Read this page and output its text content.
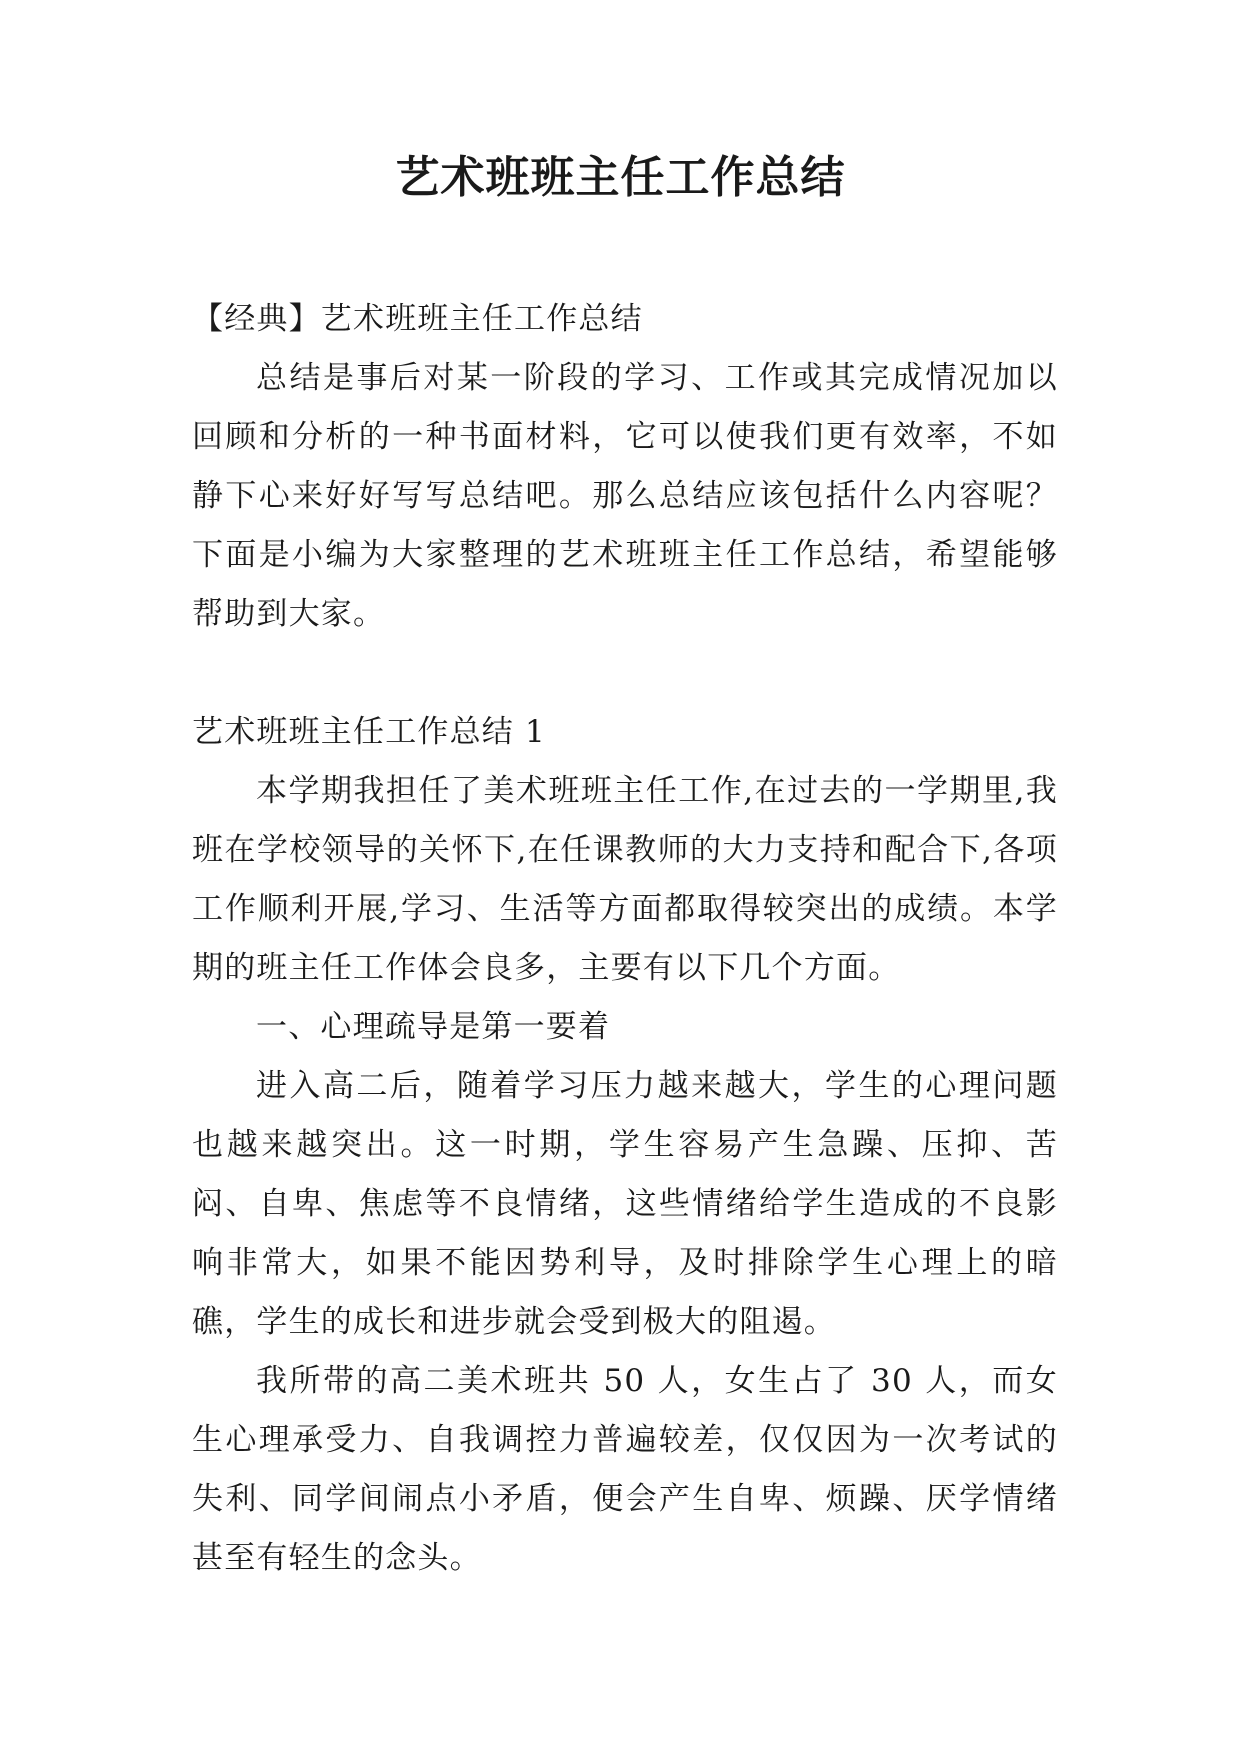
艺术班班主任工作总结

【经典】艺术班班主任工作总结

总结是事后对某一阶段的学习、工作或其完成情况加以回顾和分析的一种书面材料，它可以使我们更有效率，不如静下心来好好写写总结吧。那么总结应该包括什么内容呢？下面是小编为大家整理的艺术班班主任工作总结，希望能够帮助到大家。

艺术班班主任工作总结 1

本学期我担任了美术班班主任工作,在过去的一学期里,我班在学校领导的关怀下,在任课教师的大力支持和配合下,各项工作顺利开展,学习、生活等方面都取得较突出的成绩。本学期的班主任工作体会良多，主要有以下几个方面。

一、心理疏导是第一要着

进入高二后，随着学习压力越来越大，学生的心理问题也越来越突出。这一时期，学生容易产生急躁、压抑、苦闷、自卑、焦虑等不良情绪，这些情绪给学生造成的不良影响非常大，如果不能因势利导，及时排除学生心理上的暗礁，学生的成长和进步就会受到极大的阻遏。

我所带的高二美术班共 50 人，女生占了 30 人，而女生心理承受力、自我调控力普遍较差，仅仅因为一次考试的失利、同学间闹点小矛盾，便会产生自卑、烦躁、厌学情绪甚至有轻生的念头。
